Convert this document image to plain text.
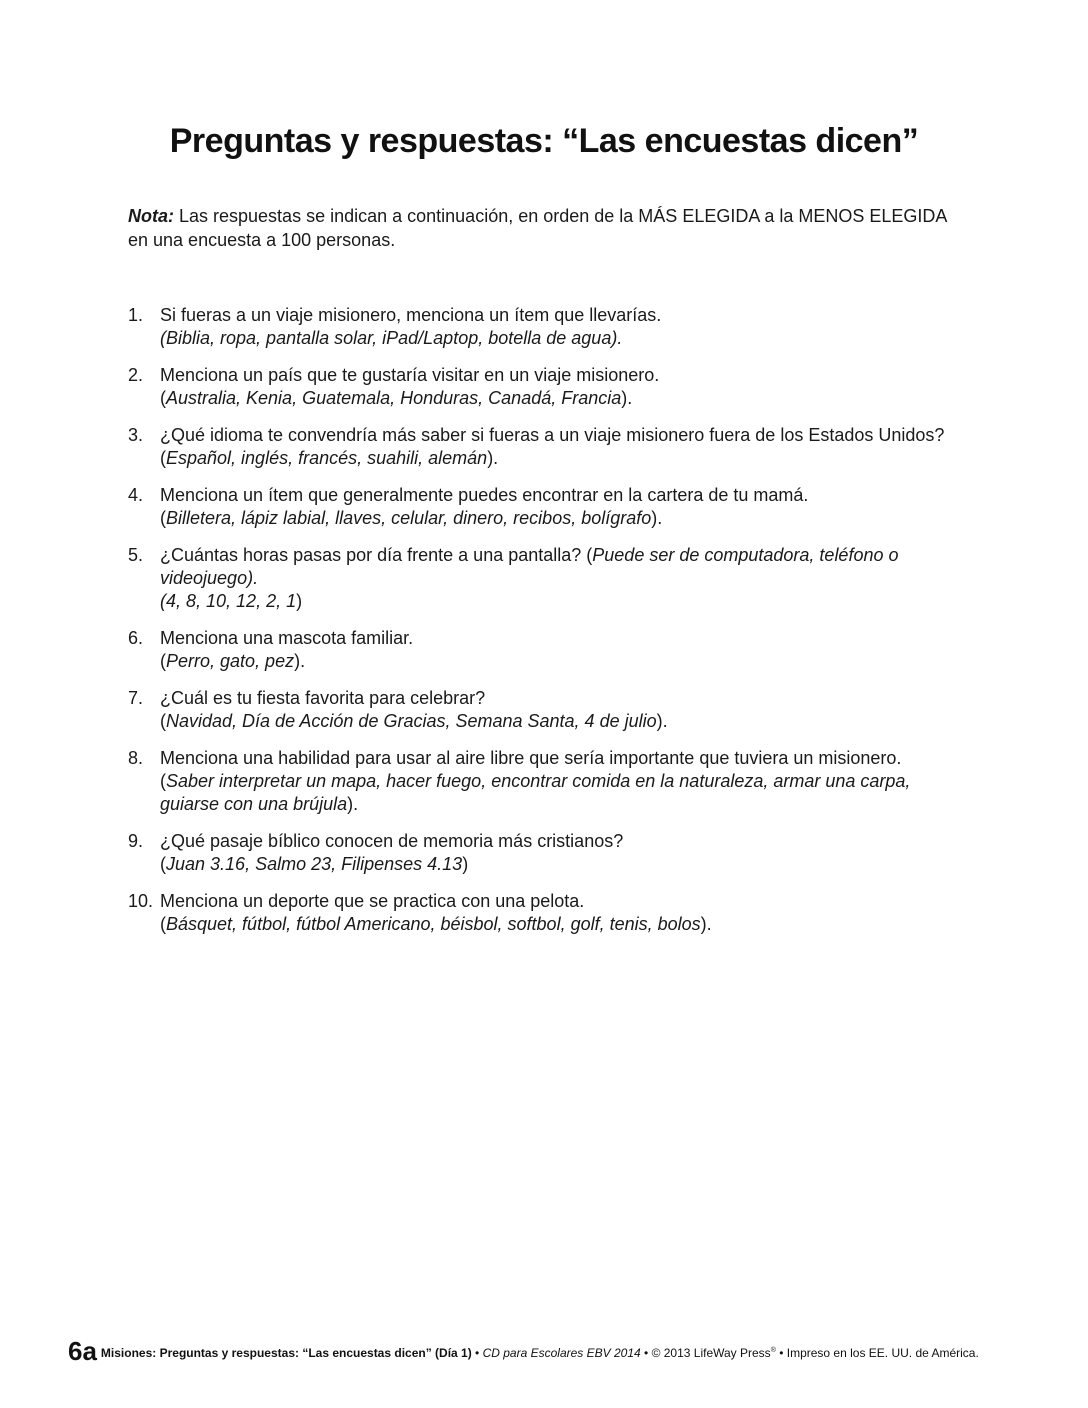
Preguntas y respuestas: “Las encuestas dicen”

Nota: Las respuestas se indican a continuación, en orden de la MÁS ELEGIDA a la MENOS ELEGIDA en una encuesta a 100 personas.

1. Si fueras a un viaje misionero, menciona un ítem que llevarías.
(Biblia, ropa, pantalla solar, iPad/Laptop, botella de agua).
2. Menciona un país que te gustaría visitar en un viaje misionero.
(Australia, Kenia, Guatemala, Honduras, Canadá, Francia).
3. ¿Qué idioma te convendría más saber si fueras a un viaje misionero fuera de los Estados Unidos?
(Español, inglés, francés, suahili, alemán).
4. Menciona un ítem que generalmente puedes encontrar en la cartera de tu mamá.
(Billetera, lápiz labial, llaves, celular, dinero, recibos, bolígrafo).
5. ¿Cuántas horas pasas por día frente a una pantalla? (Puede ser de computadora, teléfono o videojuego).
(4, 8, 10, 12, 2, 1)
6. Menciona una mascota familiar.
(Perro, gato, pez).
7. ¿Cuál es tu fiesta favorita para celebrar?
(Navidad, Día de Acción de Gracias, Semana Santa, 4 de julio).
8. Menciona una habilidad para usar al aire libre que sería importante que tuviera un misionero.
(Saber interpretar un mapa, hacer fuego, encontrar comida en la naturaleza, armar una carpa, guiarse con una brújula).
9. ¿Qué pasaje bíblico conocen de memoria más cristianos?
(Juan 3.16, Salmo 23, Filipenses 4.13)
10. Menciona un deporte que se practica con una pelota.
(Básquet, fútbol, fútbol Americano, béisbol, softbol, golf, tenis, bolos).
6a Misiones: Preguntas y respuestas: “Las encuestas dicen” (Día 1) • CD para Escolares EBV 2014 • © 2013 LifeWay Press® • Impreso en los EE. UU. de América.
